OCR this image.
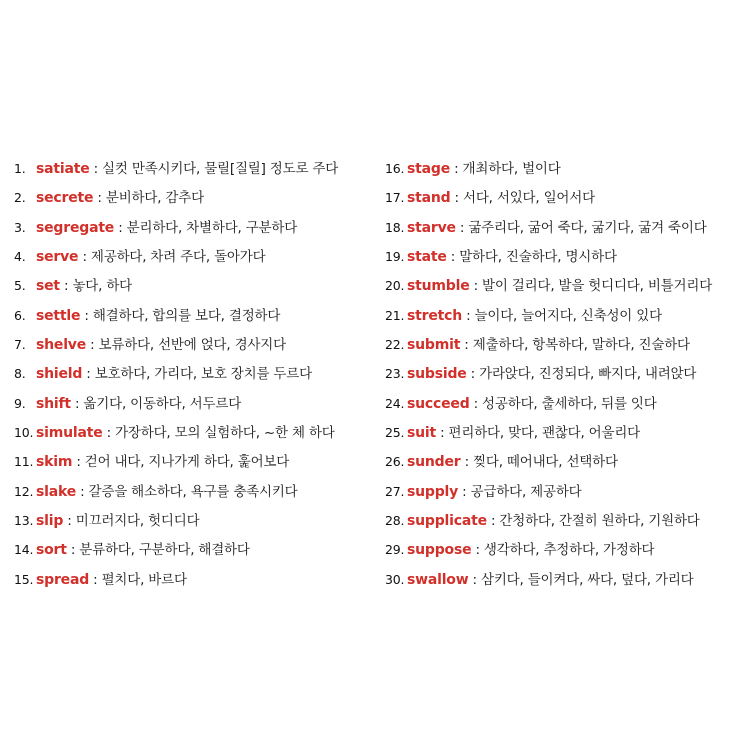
1. satiate : 실컷 만족시키다, 물릴[질릴] 정도로 주다
2. secrete : 분비하다, 감추다
3. segregate : 분리하다, 차별하다, 구분하다
4. serve : 제공하다, 차려 주다, 돌아가다
5. set : 놓다, 하다
6. settle : 해결하다, 합의를 보다, 결정하다
7. shelve : 보류하다, 선반에 얹다, 경사지다
8. shield : 보호하다, 가리다, 보호 장치를 두르다
9. shift : 옮기다, 이동하다, 서두르다
10. simulate : 가장하다, 모의 실험하다, ~한 체 하다
11. skim : 걷어 내다, 지나가게 하다, 훑어보다
12. slake : 갈증을 해소하다, 욕구를 충족시키다
13. slip : 미끄러지다, 헛디디다
14. sort : 분류하다, 구분하다, 해결하다
15. spread : 펼치다, 바르다
16. stage : 개최하다, 벌이다
17. stand : 서다, 서있다, 일어서다
18. starve : 굶주리다, 굶어 죽다, 굶기다, 굶겨 죽이다
19. state : 말하다, 진술하다, 명시하다
20. stumble : 발이 걸리다, 발을 헛디디다, 비틀거리다
21. stretch : 늘이다, 늘어지다, 신축성이 있다
22. submit : 제출하다, 항복하다, 말하다, 진술하다
23. subside : 가라앉다, 진정되다, 빠지다, 내려앉다
24. succeed : 성공하다, 출세하다, 뒤를 잇다
25. suit : 편리하다, 맞다, 괜찮다, 어울리다
26. sunder : 찢다, 떼어내다, 선택하다
27. supply : 공급하다, 제공하다
28. supplicate : 간청하다, 간절히 원하다, 기원하다
29. suppose : 생각하다, 추정하다, 가정하다
30. swallow : 삼키다, 들이켜다, 싸다, 덮다, 가리다
